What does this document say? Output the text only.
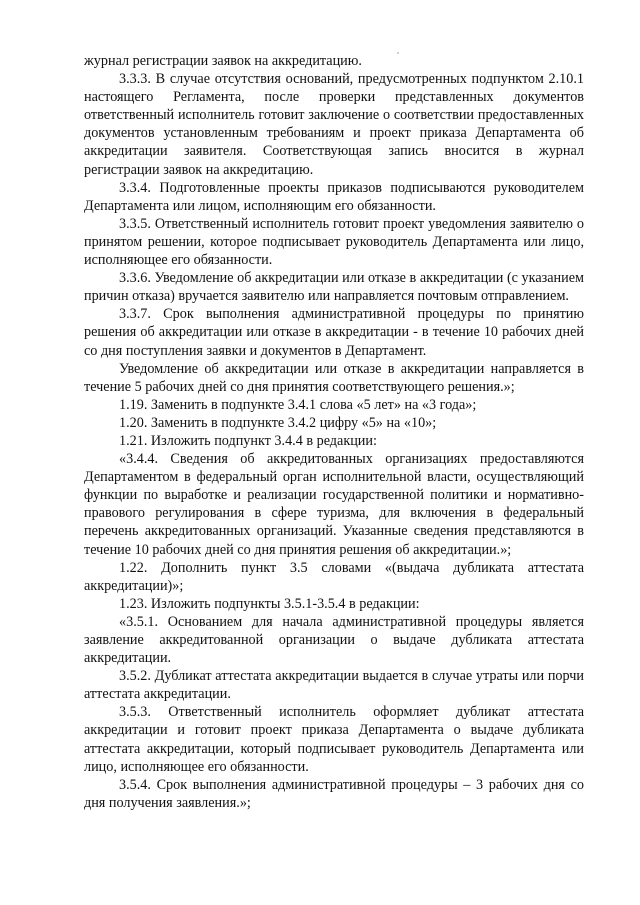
журнал регистрации заявок на аккредитацию.

3.3.3. В случае отсутствия оснований, предусмотренных подпунктом 2.10.1 настоящего Регламента, после проверки представленных документов ответственный исполнитель готовит заключение о соответствии предоставленных документов установленным требованиям и проект приказа Департамента об аккредитации заявителя. Соответствующая запись вносится в журнал регистрации заявок на аккредитацию.

3.3.4. Подготовленные проекты приказов подписываются руководителем Департамента или лицом, исполняющим его обязанности.

3.3.5. Ответственный исполнитель готовит проект уведомления заявителю о принятом решении, которое подписывает руководитель Департамента или лицо, исполняющее его обязанности.

3.3.6. Уведомление об аккредитации или отказе в аккредитации (с указанием причин отказа) вручается заявителю или направляется почтовым отправлением.

3.3.7. Срок выполнения административной процедуры по принятию решения об аккредитации или отказе в аккредитации - в течение 10 рабочих дней со дня поступления заявки и документов в Департамент.

Уведомление об аккредитации или отказе в аккредитации направляется в течение 5 рабочих дней со дня принятия соответствующего решения.»;

1.19. Заменить в подпункте 3.4.1 слова «5 лет» на «3 года»;

1.20. Заменить в подпункте 3.4.2 цифру «5» на «10»;

1.21. Изложить подпункт 3.4.4 в редакции:

«3.4.4. Сведения об аккредитованных организациях предоставляются Департаментом в федеральный орган исполнительной власти, осуществляющий функции по выработке и реализации государственной политики и нормативно-правового регулирования в сфере туризма, для включения в федеральный перечень аккредитованных организаций. Указанные сведения представляются в течение 10 рабочих дней со дня принятия решения об аккредитации.»;

1.22. Дополнить пункт 3.5 словами «(выдача дубликата аттестата аккредитации)»;

1.23. Изложить подпункты 3.5.1-3.5.4 в редакции:

«3.5.1. Основанием для начала административной процедуры является заявление аккредитованной организации о выдаче дубликата аттестата аккредитации.

3.5.2. Дубликат аттестата аккредитации выдается в случае утраты или порчи аттестата аккредитации.

3.5.3. Ответственный исполнитель оформляет дубликат аттестата аккредитации и готовит проект приказа Департамента о выдаче дубликата аттестата аккредитации, который подписывает руководитель Департамента или лицо, исполняющее его обязанности.

3.5.4. Срок выполнения административной процедуры – 3 рабочих дня со дня получения заявления.»;
